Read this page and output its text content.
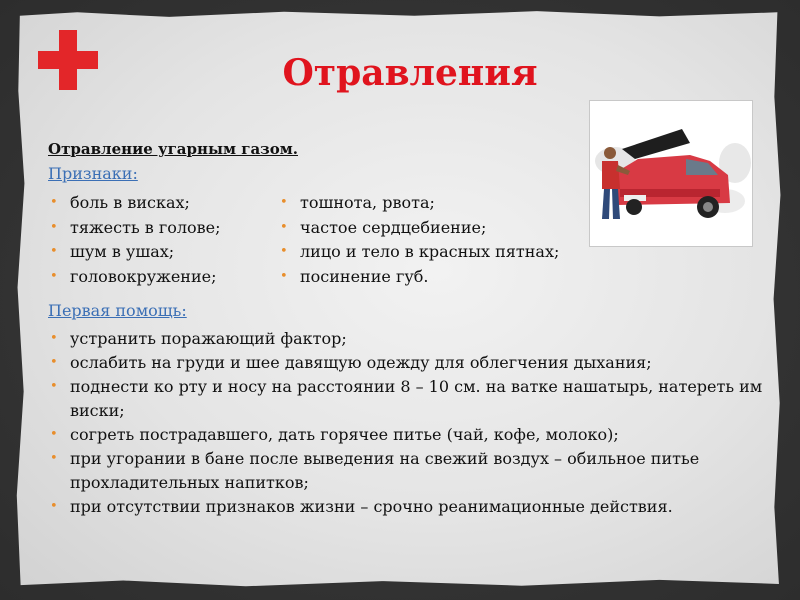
Отравления
Отравление угарным газом.
Признаки:
• боль в висках;
• тяжесть в голове;
• шум в ушах;
• головокружение;
• тошнота, рвота;
• частое сердцебиение;
• лицо и тело в красных пятнах;
• посинение губ.
Первая помощь:
• устранить поражающий фактор;
• ослабить на груди и шее давящую одежду для облегчения дыхания;
• поднести ко рту и носу на расстоянии 8 – 10 см. на ватке нашатырь, натереть им виски;
• согреть пострадавшего, дать горячее питье (чай, кофе, молоко);
• при угорании в бане после выведения на свежий воздух – обильное питье прохладительных напитков;
• при отсутствии признаков жизни – срочно реанимационные действия.
